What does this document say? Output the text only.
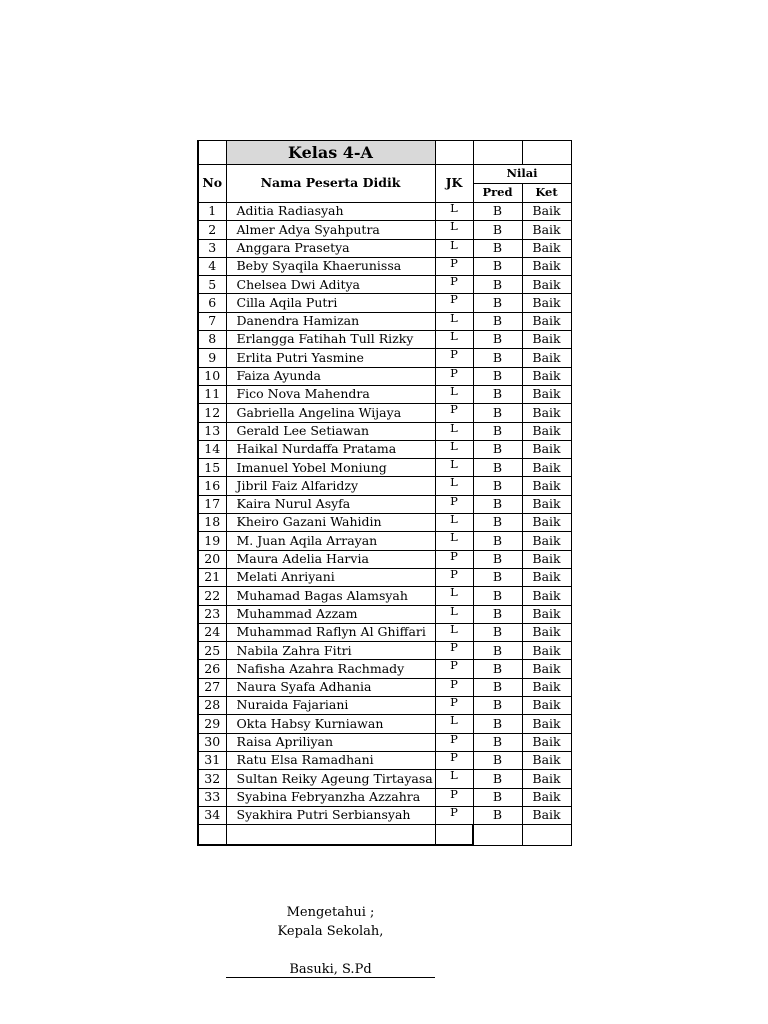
	Kelas 4-A			
No	Nama Peserta Didik	JK	Nilai	
			Pred	Ket
1	Aditia Radiasyah	L	B	Baik
2	Almer Adya Syahputra	L	B	Baik
3	Anggara Prasetya	L	B	Baik
4	Beby Syaqila Khaerunissa	P	B	Baik
5	Chelsea Dwi Aditya	P	B	Baik
6	Cilla Aqila Putri	P	B	Baik
7	Danendra Hamizan	L	B	Baik
8	Erlangga Fatihah Tull Rizky	L	B	Baik
9	Erlita Putri Yasmine	P	B	Baik
10	Faiza Ayunda	P	B	Baik
11	Fico Nova Mahendra	L	B	Baik
12	Gabriella Angelina Wijaya	P	B	Baik
13	Gerald Lee Setiawan	L	B	Baik
14	Haikal Nurdaffa Pratama	L	B	Baik
15	Imanuel Yobel Moniung	L	B	Baik
16	Jibril Faiz Alfaridzy	L	B	Baik
17	Kaira Nurul Asyfa	P	B	Baik
18	Kheiro Gazani Wahidin	L	B	Baik
19	M. Juan Aqila Arrayan	L	B	Baik
20	Maura Adelia Harvia	P	B	Baik
21	Melati Anriyani	P	B	Baik
22	Muhamad Bagas Alamsyah	L	B	Baik
23	Muhammad Azzam	L	B	Baik
24	Muhammad Raflyn Al Ghiffari	L	B	Baik
25	Nabila Zahra Fitri	P	B	Baik
26	Nafisha Azahra Rachmady	P	B	Baik
27	Naura Syafa Adhania	P	B	Baik
28	Nuraida Fajariani	P	B	Baik
29	Okta Habsy Kurniawan	L	B	Baik
30	Raisa Apriliyan	P	B	Baik
31	Ratu Elsa Ramadhani	P	B	Baik
32	Sultan Reiky Ageung Tirtayasa	L	B	Baik
33	Syabina Febryanzha Azzahra	P	B	Baik
34	Syakhira Putri Serbiansyah	P	B	Baik

Mengetahui ;
Kepala Sekolah,
Basuki, S.Pd
